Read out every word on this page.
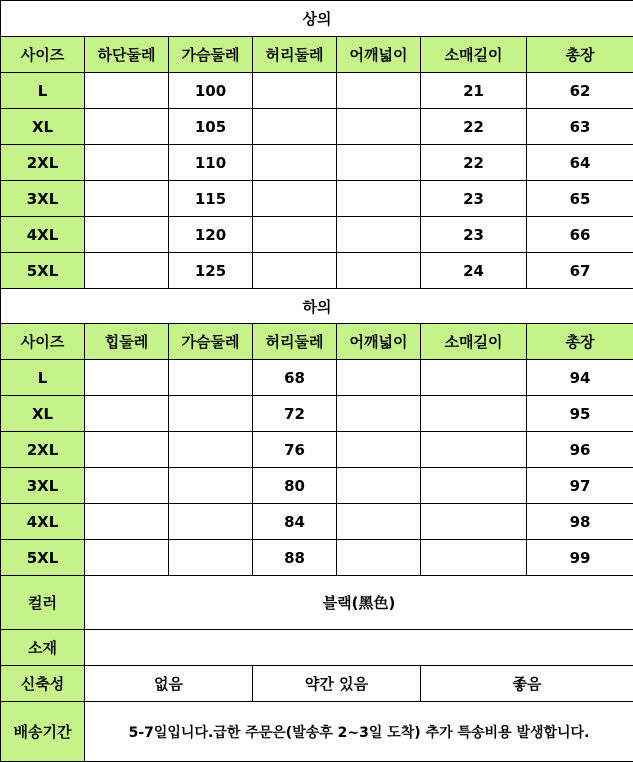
상의						
사이즈	하단둘레	가슴둘레	허리둘레	어깨넓이	소매길이	총장
L		100			21	62
XL		105			22	63
2XL		110			22	64
3XL		115			23	65
4XL		120			23	66
5XL		125			24	67
하의						
사이즈	힙둘레	가슴둘레	허리둘레	어깨넓이	소매길이	총장
L			68			94
XL			72			95
2XL			76			96
3XL			80			97
4XL			84			98
5XL			88			99
컬러	블랙(黑色)					
소재						
신축성	없음		약간 있음		좋음	
배송기간	5-7일입니다.급한 주문은(발송후 2~3일 도착) 추가 특송비용 발생합니다.					
